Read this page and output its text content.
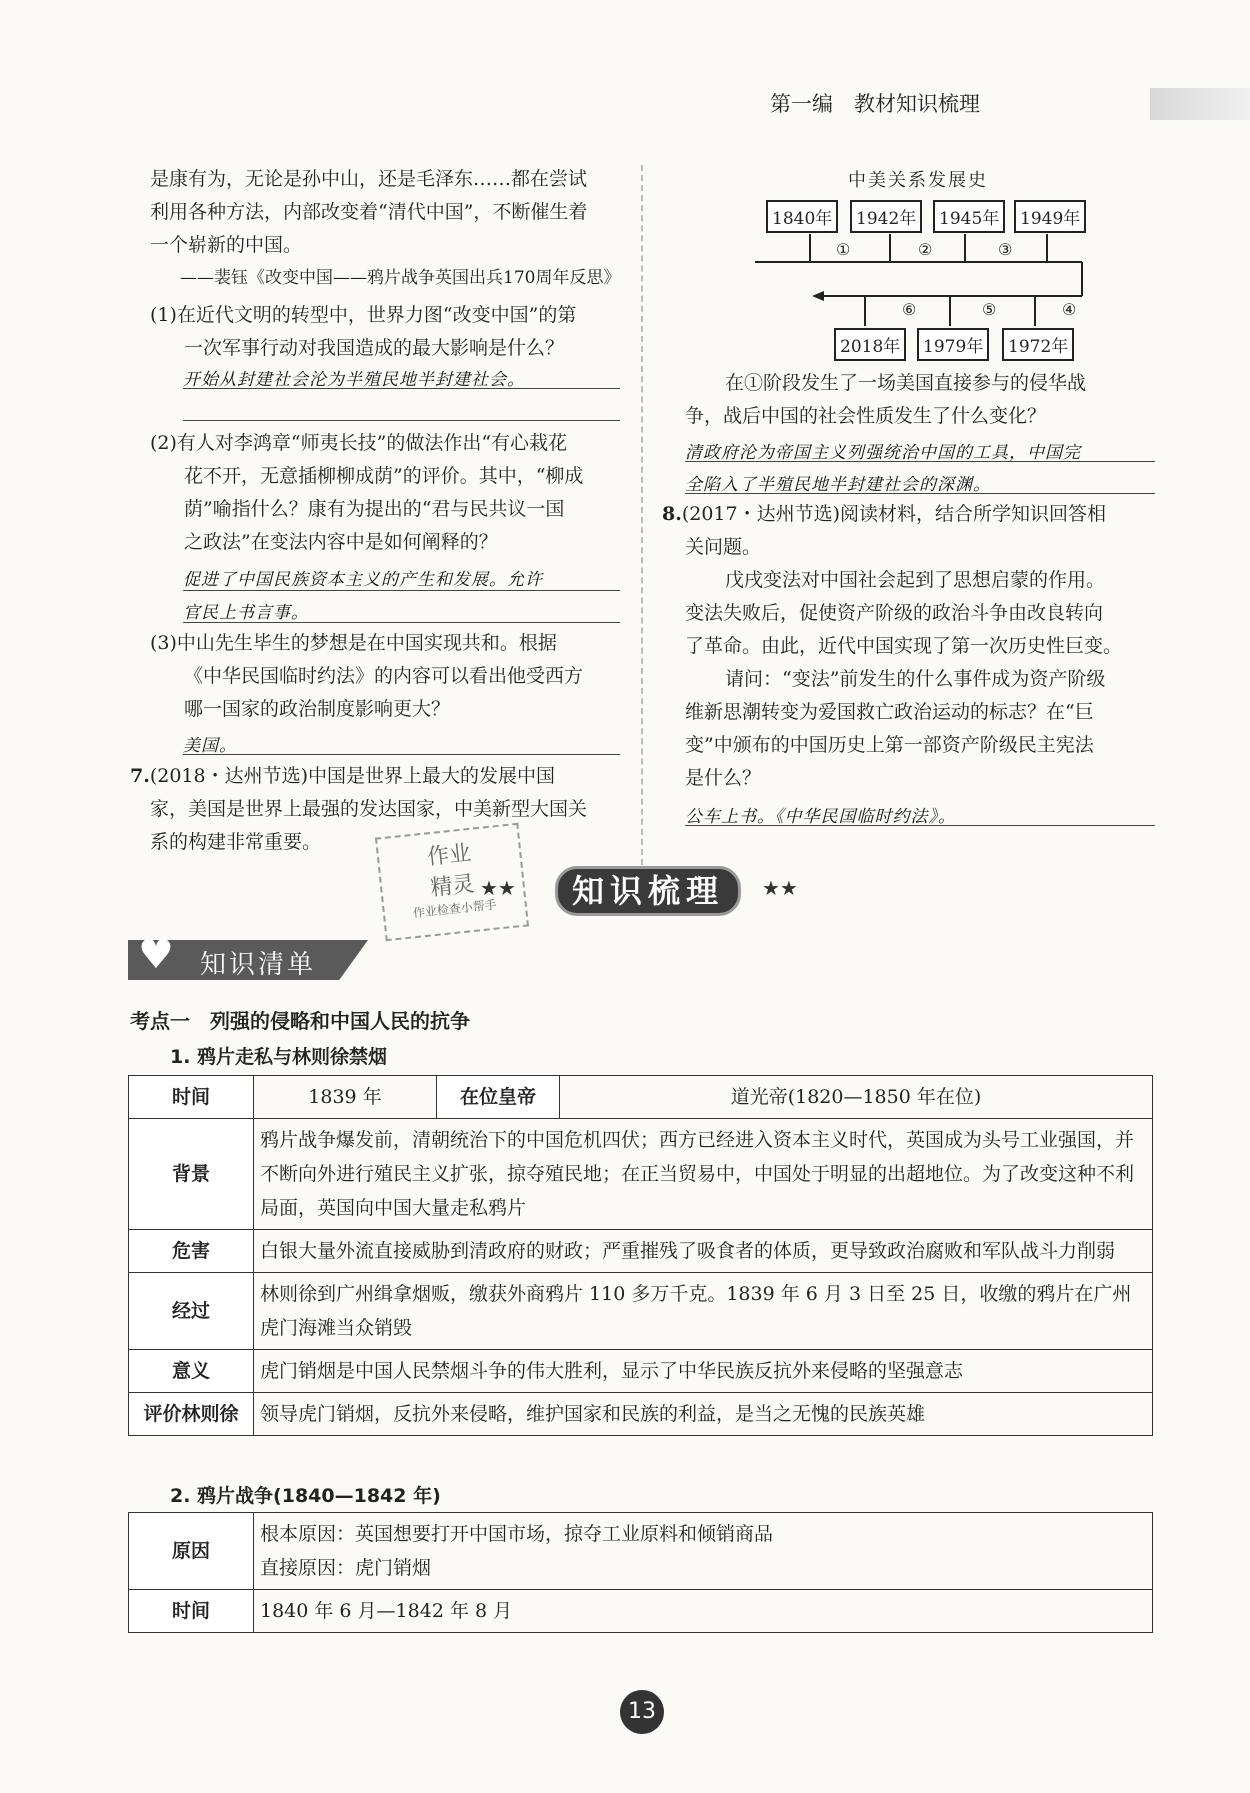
第一编　教材知识梳理
是康有为，无论是孙中山，还是毛泽东……都在尝试
利用各种方法，内部改变着“清代中国”，不断催生着
一个崭新的中国。
——裴钰《改变中国——鸦片战争英国出兵170周年反思》
(1)在近代文明的转型中，世界力图“改变中国”的第
一次军事行动对我国造成的最大影响是什么？
开始从封建社会沦为半殖民地半封建社会。
(2)有人对李鸿章“师夷长技”的做法作出“有心栽花
花不开，无意插柳柳成荫”的评价。其中，“柳成
荫”喻指什么？康有为提出的“君与民共议一国
之政法”在变法内容中是如何阐释的？
促进了中国民族资本主义的产生和发展。允许
官民上书言事。
(3)中山先生毕生的梦想是在中国实现共和。根据
《中华民国临时约法》的内容可以看出他受西方
哪一国家的政治制度影响更大？
美国。
7.(2018・达州节选)中国是世界上最大的发展中国
家，美国是世界上最强的发达国家，中美新型大国关
系的构建非常重要。
中美关系发展史
1840年	1942年	1945年	1949年
①	②	③
⑥	⑤	④
2018年	1979年	1972年
在①阶段发生了一场美国直接参与的侵华战
争，战后中国的社会性质发生了什么变化？
清政府沦为帝国主义列强统治中国的工具，中国完
全陷入了半殖民地半封建社会的深渊。
8.(2017・达州节选)阅读材料，结合所学知识回答相
关问题。
戊戌变法对中国社会起到了思想启蒙的作用。
变法失败后，促使资产阶级的政治斗争由改良转向
了革命。由此，近代中国实现了第一次历史性巨变。
请问：“变法”前发生的什么事件成为资产阶级
维新思潮转变为爱国救亡政治运动的标志？在“巨
变”中颁布的中国历史上第一部资产阶级民主宪法
是什么？
公车上书。《中华民国临时约法》。
作业
精灵
作业检查小帮手
★★	知识梳理	★★
♥ 知识清单
考点一　列强的侵略和中国人民的抗争
1. 鸦片走私与林则徐禁烟
时间	1839 年	在位皇帝	道光帝(1820—1850 年在位)
背景	鸦片战争爆发前，清朝统治下的中国危机四伏；西方已经进入资本主义时代，英国成为头号工业强国，并不断向外进行殖民主义扩张，掠夺殖民地；在正当贸易中，中国处于明显的出超地位。为了改变这种不利局面，英国向中国大量走私鸦片		
危害	白银大量外流直接威胁到清政府的财政；严重摧残了吸食者的体质，更导致政治腐败和军队战斗力削弱		
经过	林则徐到广州缉拿烟贩，缴获外商鸦片 110 多万千克。1839 年 6 月 3 日至 25 日，收缴的鸦片在广州虎门海滩当众销毁		
意义	虎门销烟是中国人民禁烟斗争的伟大胜利，显示了中华民族反抗外来侵略的坚强意志		
评价林则徐	领导虎门销烟，反抗外来侵略，维护国家和民族的利益，是当之无愧的民族英雄		
2. 鸦片战争(1840—1842 年)
原因	根本原因：英国想要打开中国市场，掠夺工业原料和倾销商品
直接原因：虎门销烟

时间	1840 年 6 月—1842 年 8 月
13
